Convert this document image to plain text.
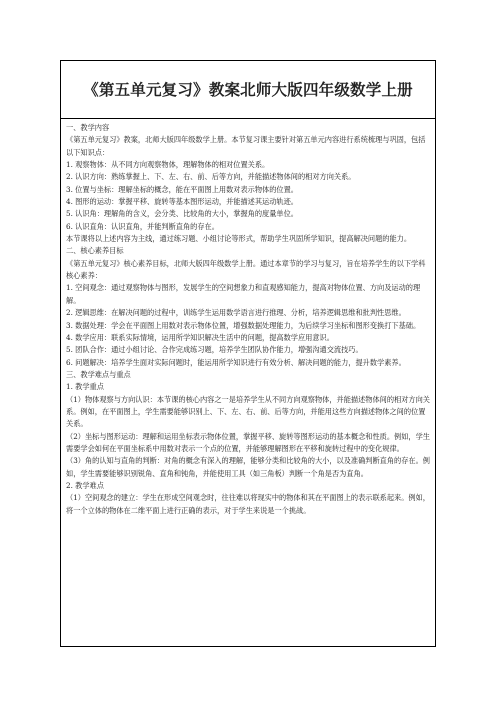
《第五单元复习》教案北师大版四年级数学上册

一、教学内容

《第五单元复习》教案，北师大版四年级数学上册。本节复习课主要针对第五单元内容进行系统梳理与巩固，包括以下知识点：

1. 观察物体：从不同方向观察物体，理解物体的相对位置关系。

2. 认识方向：熟练掌握上、下、左、右、前、后等方向，并能描述物体间的相对方向关系。

3. 位置与坐标：理解坐标的概念，能在平面图上用数对表示物体的位置。

4. 图形的运动：掌握平移、旋转等基本图形运动，并能描述其运动轨迹。

5. 认识角：理解角的含义，会分类、比较角的大小，掌握角的度量单位。

6. 认识直角：认识直角，并能判断直角的存在。

本节课将以上述内容为主线，通过练习题、小组讨论等形式，帮助学生巩固所学知识，提高解决问题的能力。

二、核心素养目标

《第五单元复习》核心素养目标，北师大版四年级数学上册。通过本章节的学习与复习，旨在培养学生的以下学科核心素养：

1. 空间观念：通过观察物体与图形，发展学生的空间想象力和直观感知能力，提高对物体位置、方向及运动的理解。

2. 逻辑思维：在解决问题的过程中，训练学生运用数学语言进行推理、分析，培养逻辑思维和批判性思维。

3. 数据处理：学会在平面图上用数对表示物体位置，增强数据处理能力，为后续学习坐标和图形变换打下基础。

4. 数学应用：联系实际情境，运用所学知识解决生活中的问题，提高数学应用意识。

5. 团队合作：通过小组讨论、合作完成练习题，培养学生团队协作能力，增强沟通交流技巧。

6. 问题解决：培养学生面对实际问题时，能运用所学知识进行有效分析、解决问题的能力，提升数学素养。

三、教学难点与重点

1. 教学重点

（1）物体观察与方向认识：本节课的核心内容之一是培养学生从不同方向观察物体，并能描述物体间的相对方向关系。例如，在平面图上，学生需要能够识别上、下、左、右、前、后等方向，并能用这些方向描述物体之间的位置关系。

（2）坐标与图形运动：理解和运用坐标表示物体位置，掌握平移、旋转等图形运动的基本概念和性质。例如，学生需要学会如何在平面坐标系中用数对表示一个点的位置，并能够理解图形在平移和旋转过程中的变化规律。

（3）角的认知与直角的判断：对角的概念有深入的理解，能够分类和比较角的大小，以及准确判断直角的存在。例如，学生需要能够识别锐角、直角和钝角，并能使用工具（如三角板）判断一个角是否为直角。

2. 教学难点

（1）空间观念的建立：学生在形成空间观念时，往往难以将现实中的物体和其在平面图上的表示联系起来。例如，将一个立体的物体在二维平面上进行正确的表示，对于学生来说是一个挑战。
